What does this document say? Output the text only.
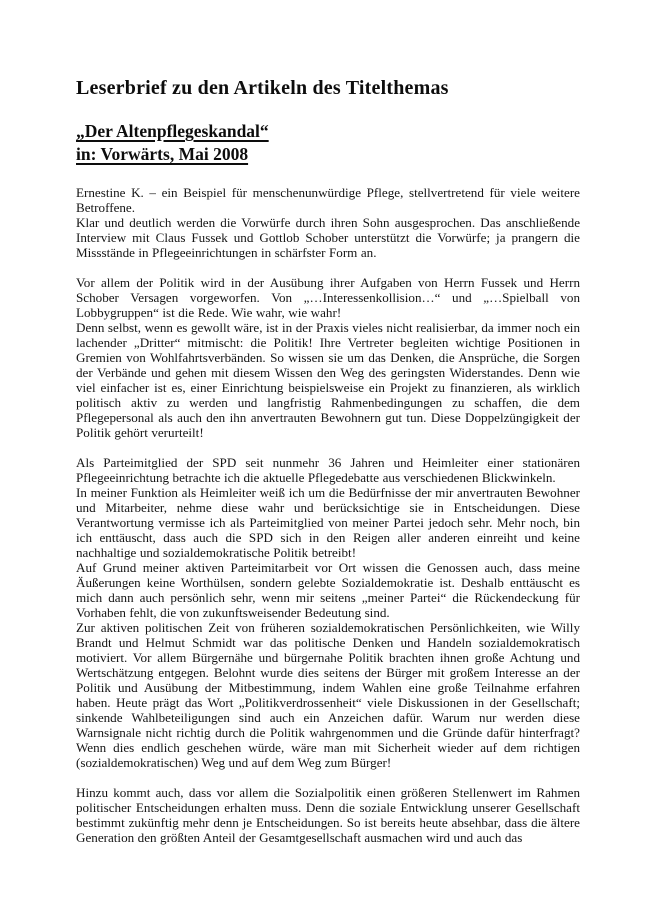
Leserbrief zu den Artikeln des Titelthemas
„Der Altenpflegeskandal“
in: Vorwärts, Mai 2008

Ernestine K. – ein Beispiel für menschenunwürdige Pflege, stellvertretend für viele weitere Betroffene.

Klar und deutlich werden die Vorwürfe durch ihren Sohn ausgesprochen. Das anschließende Interview mit Claus Fussek und Gottlob Schober unterstützt die Vorwürfe; ja prangern die Missstände in Pflegeeinrichtungen in schärfster Form an.

Vor allem der Politik wird in der Ausübung ihrer Aufgaben von Herrn Fussek und Herrn Schober Versagen vorgeworfen. Von „…Interessenkollision…“ und „…Spielball von Lobbygruppen“ ist die Rede. Wie wahr, wie wahr!

Denn selbst, wenn es gewollt wäre, ist in der Praxis vieles nicht realisierbar, da immer noch ein lachender „Dritter“ mitmischt: die Politik! Ihre Vertreter begleiten wichtige Positionen in Gremien von Wohlfahrtsverbänden. So wissen sie um das Denken, die Ansprüche, die Sorgen der Verbände und gehen mit diesem Wissen den Weg des geringsten Widerstandes. Denn wie viel einfacher ist es, einer Einrichtung beispielsweise ein Projekt zu finanzieren, als wirklich politisch aktiv zu werden und langfristig Rahmenbedingungen zu schaffen, die dem Pflegepersonal als auch den ihn anvertrauten Bewohnern gut tun. Diese Doppelzüngigkeit der Politik gehört verurteilt!

Als Parteimitglied der SPD seit nunmehr 36 Jahren und Heimleiter einer stationären Pflegeeinrichtung betrachte ich die aktuelle Pflegedebatte aus verschiedenen Blickwinkeln.

In meiner Funktion als Heimleiter weiß ich um die Bedürfnisse der mir anvertrauten Bewohner und Mitarbeiter, nehme diese wahr und berücksichtige sie in Entscheidungen. Diese Verantwortung vermisse ich als Parteimitglied von meiner Partei jedoch sehr. Mehr noch, bin ich enttäuscht, dass auch die SPD sich in den Reigen aller anderen einreiht und keine nachhaltige und sozialdemokratische Politik betreibt!

Auf Grund meiner aktiven Parteimitarbeit vor Ort wissen die Genossen auch, dass meine Äußerungen keine Worthülsen, sondern gelebte Sozialdemokratie ist. Deshalb enttäuscht es mich dann auch persönlich sehr, wenn mir seitens „meiner Partei“ die Rückendeckung für Vorhaben fehlt, die von zukunftsweisender Bedeutung sind.

Zur aktiven politischen Zeit von früheren sozialdemokratischen Persönlichkeiten, wie Willy Brandt und Helmut Schmidt war das politische Denken und Handeln sozialdemokratisch motiviert. Vor allem Bürgernähe und bürgernahe Politik brachten ihnen große Achtung und Wertschätzung entgegen. Belohnt wurde dies seitens der Bürger mit großem Interesse an der Politik und Ausübung der Mitbestimmung, indem Wahlen eine große Teilnahme erfahren haben. Heute prägt das Wort „Politikverdrossenheit“ viele Diskussionen in der Gesellschaft; sinkende Wahlbeteiligungen sind auch ein Anzeichen dafür. Warum nur werden diese Warnsignale nicht richtig durch die Politik wahrgenommen und die Gründe dafür hinterfragt? Wenn dies endlich geschehen würde, wäre man mit Sicherheit wieder auf dem richtigen (sozialdemokratischen) Weg und auf dem Weg zum Bürger!

Hinzu kommt auch, dass vor allem die Sozialpolitik einen größeren Stellenwert im Rahmen politischer Entscheidungen erhalten muss. Denn die soziale Entwicklung unserer Gesellschaft bestimmt zukünftig mehr denn je Entscheidungen. So ist bereits heute absehbar, dass die ältere Generation den größten Anteil der Gesamtgesellschaft ausmachen wird und auch das
